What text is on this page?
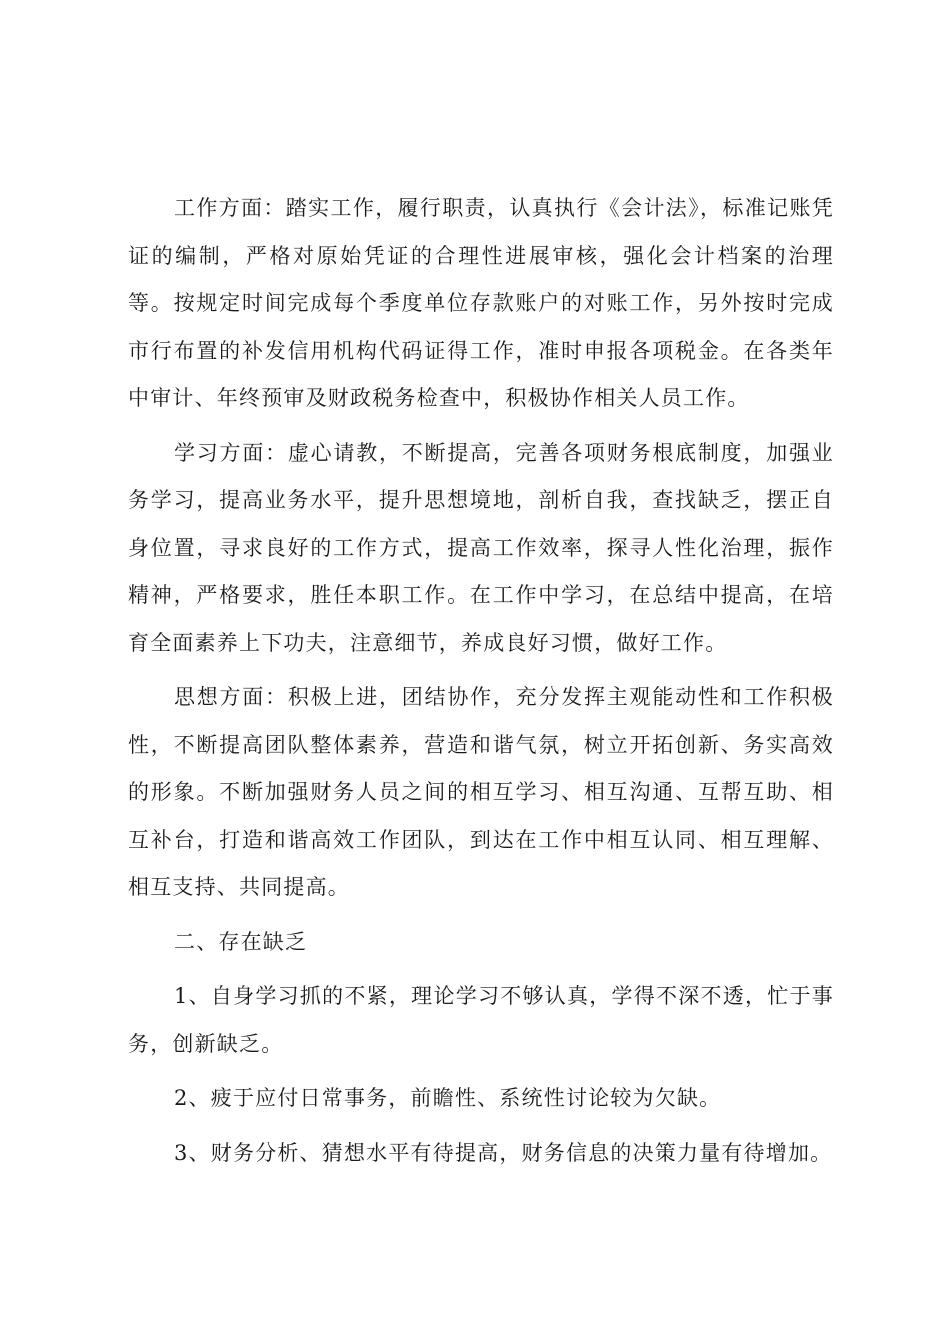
工作方面：踏实工作，履行职责，认真执行《会计法》，标准记账凭证的编制，严格对原始凭证的合理性进展审核，强化会计档案的治理等。按规定时间完成每个季度单位存款账户的对账工作，另外按时完成市行布置的补发信用机构代码证得工作，准时申报各项税金。在各类年中审计、年终预审及财政税务检查中，积极协作相关人员工作。

学习方面：虚心请教，不断提高，完善各项财务根底制度，加强业务学习，提高业务水平，提升思想境地，剖析自我，查找缺乏，摆正自身位置，寻求良好的工作方式，提高工作效率，探寻人性化治理，振作精神，严格要求，胜任本职工作。在工作中学习，在总结中提高，在培育全面素养上下功夫，注意细节，养成良好习惯，做好工作。

思想方面：积极上进，团结协作，充分发挥主观能动性和工作积极性，不断提高团队整体素养，营造和谐气氛，树立开拓创新、务实高效的形象。不断加强财务人员之间的相互学习、相互沟通、互帮互助、相互补台，打造和谐高效工作团队，到达在工作中相互认同、相互理解、相互支持、共同提高。

二、存在缺乏

1、自身学习抓的不紧，理论学习不够认真，学得不深不透，忙于事务，创新缺乏。

2、疲于应付日常事务，前瞻性、系统性讨论较为欠缺。

3、财务分析、猜想水平有待提高，财务信息的决策力量有待增加。
